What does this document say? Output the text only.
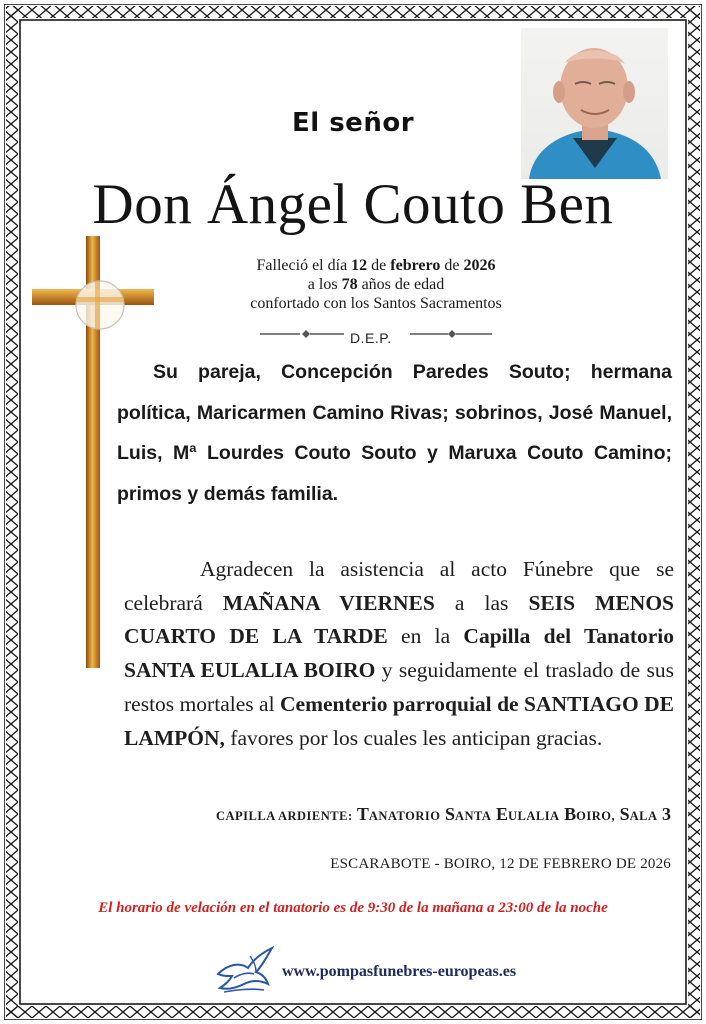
El señor
Don Ángel Couto Ben
Falleció el día 12 de febrero de 2026
a los 78 años de edad
confortado con los Santos Sacramentos
D.E.P.

Su pareja, Concepción Paredes Souto; hermana política, Maricarmen Camino Rivas; sobrinos, José Manuel, Luis, Mª Lourdes Couto Souto y Maruxa Couto Camino; primos y demás familia.

Agradecen la asistencia al acto Fúnebre que se celebrará MAÑANA VIERNES a las SEIS MENOS CUARTO DE LA TARDE en la Capilla del Tanatorio SANTA EULALIA BOIRO y seguidamente el traslado de sus restos mortales al Cementerio parroquial de SANTIAGO DE LAMPÓN, favores por los cuales les anticipan gracias.

CAPILLA ARDIENTE: TANATORIO SANTA EULALIA BOIRO, SALA 3
ESCARABOTE - BOIRO, 12 DE FEBRERO DE 2026
El horario de velación en el tanatorio es de 9:30 de la mañana a 23:00 de la noche
www.pompasfunebres-europeas.es
